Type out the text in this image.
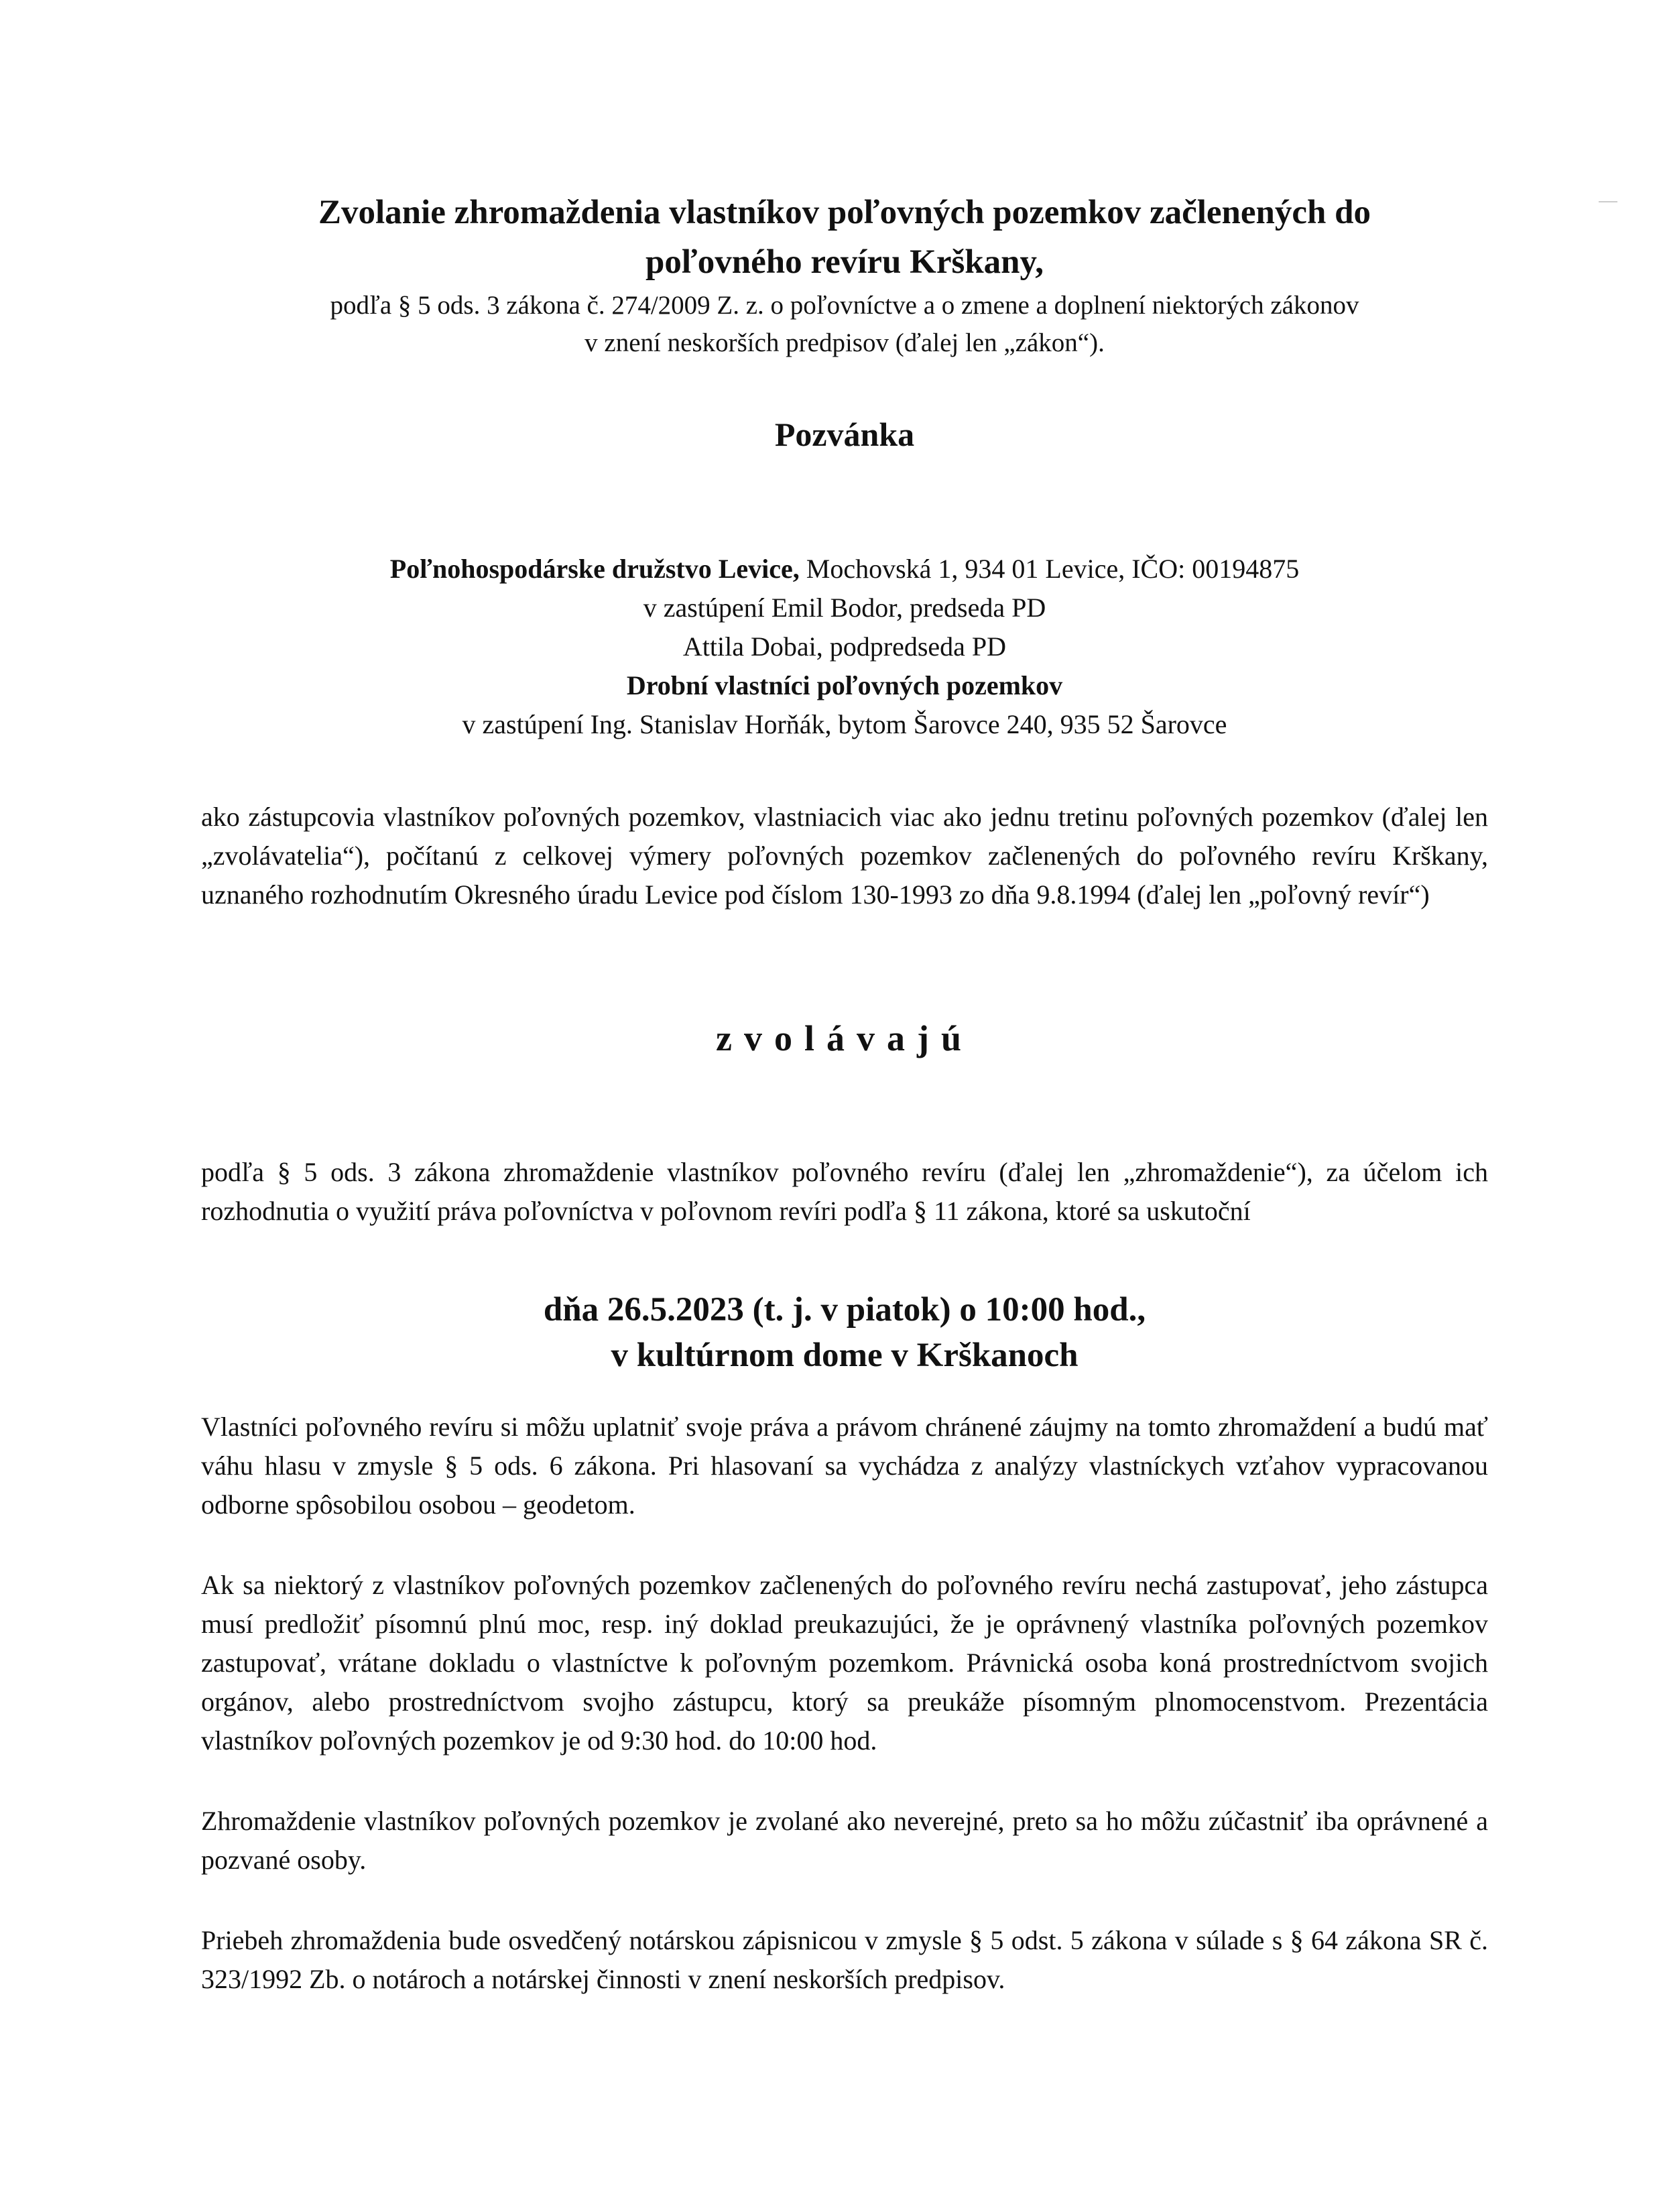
Zvolanie zhromaždenia vlastníkov poľovných pozemkov začlenených do

poľovného revíru Krškany,

podľa § 5 ods. 3 zákona č. 274/2009 Z. z. o poľovníctve a o zmene a doplnení niektorých zákonov

v znení neskorších predpisov (ďalej len „zákon“).

Pozvánka

Poľnohospodárske družstvo Levice, Mochovská 1, 934 01 Levice, IČO: 00194875
v zastúpení Emil Bodor, predseda PD
Attila Dobai, podpredseda PD
Drobní vlastníci poľovných pozemkov
v zastúpení Ing. Stanislav Horňák, bytom Šarovce 240, 935 52 Šarovce

ako zástupcovia vlastníkov poľovných pozemkov, vlastniacich viac ako jednu tretinu poľovných pozemkov (ďalej len „zvolávatelia“), počítanú z celkovej výmery poľovných pozemkov začlenených do poľovného revíru Krškany, uznaného rozhodnutím Okresného úradu Levice pod číslom 130-1993 zo dňa 9.8.1994 (ďalej len „poľovný revír“)

zvolávajú

podľa § 5 ods. 3 zákona zhromaždenie vlastníkov poľovného revíru (ďalej len „zhromaždenie“), za účelom ich rozhodnutia o využití práva poľovníctva v poľovnom revíri podľa § 11 zákona, ktoré sa uskutoční

dňa 26.5.2023 (t. j. v piatok) o 10:00 hod.,
v kultúrnom dome v Krškanoch

Vlastníci poľovného revíru si môžu uplatniť svoje práva a právom chránené záujmy na tomto zhromaždení a budú mať váhu hlasu v zmysle § 5 ods. 6 zákona. Pri hlasovaní sa vychádza z analýzy vlastníckych vzťahov vypracovanou odborne spôsobilou osobou – geodetom.

Ak sa niektorý z vlastníkov poľovných pozemkov začlenených do poľovného revíru nechá zastupovať, jeho zástupca musí predložiť písomnú plnú moc, resp. iný doklad preukazujúci, že je oprávnený vlastníka poľovných pozemkov zastupovať, vrátane dokladu o vlastníctve k poľovným pozemkom. Právnická osoba koná prostredníctvom svojich orgánov, alebo prostredníctvom svojho zástupcu, ktorý sa preukáže písomným plnomocenstvom. Prezentácia vlastníkov poľovných pozemkov je od 9:30 hod. do 10:00 hod.

Zhromaždenie vlastníkov poľovných pozemkov je zvolané ako neverejné, preto sa ho môžu zúčastniť iba oprávnené a pozvané osoby.

Priebeh zhromaždenia bude osvedčený notárskou zápisnicou v zmysle § 5 odst. 5 zákona v súlade s § 64 zákona SR č. 323/1992 Zb. o notároch a notárskej činnosti v znení neskorších predpisov.
